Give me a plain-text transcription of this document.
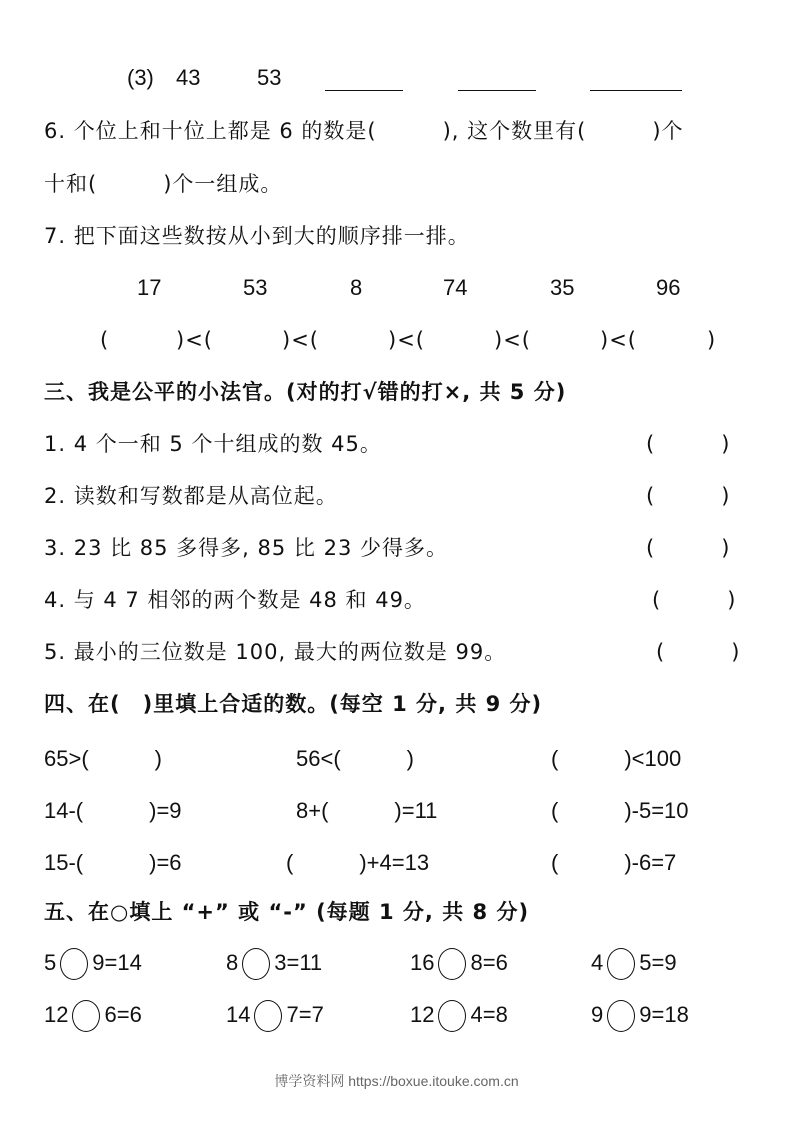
(3) 43	53
6. 个位上和十位上都是 6 的数是(　　　), 这个数里有(　　　)个
十和(　　　)个一组成。
7. 把下面这些数按从小到大的顺序排一排。
17	53	8	74	35	96
(	)<(	)<(	)<(	)<(	)<(	)
三、我是公平的小法官。(对的打√错的打×, 共 5 分)
1. 4 个一和 5 个十组成的数 45。	(　　　)
2. 读数和写数都是从高位起。	(　　　)
3. 23 比 85 多得多, 85 比 23 少得多。	(　　　)
4. 与 4 7 相邻的两个数是 48 和 49。	(　　　)
5. 最小的三位数是 100, 最大的两位数是 99。	(　　　)
四、在(　)里填上合适的数。(每空 1 分, 共 9 分)
65>(　　　)	56<(　　　)	(　　　)<100
14-(　　　)=9	8+(　　　)=11	(　　　)-5=10
15-(　　　)=6	(　　　)+4=13	(　　　)-6=7
五、在○填上 “+” 或 “-” (每题 1 分, 共 8 分)
5 9=14	8 3=11	16 8=6	4 5=9
12 6=6	14 7=7	12 4=8	9 9=18
博学资料网 https://boxue.itouke.com.cn
